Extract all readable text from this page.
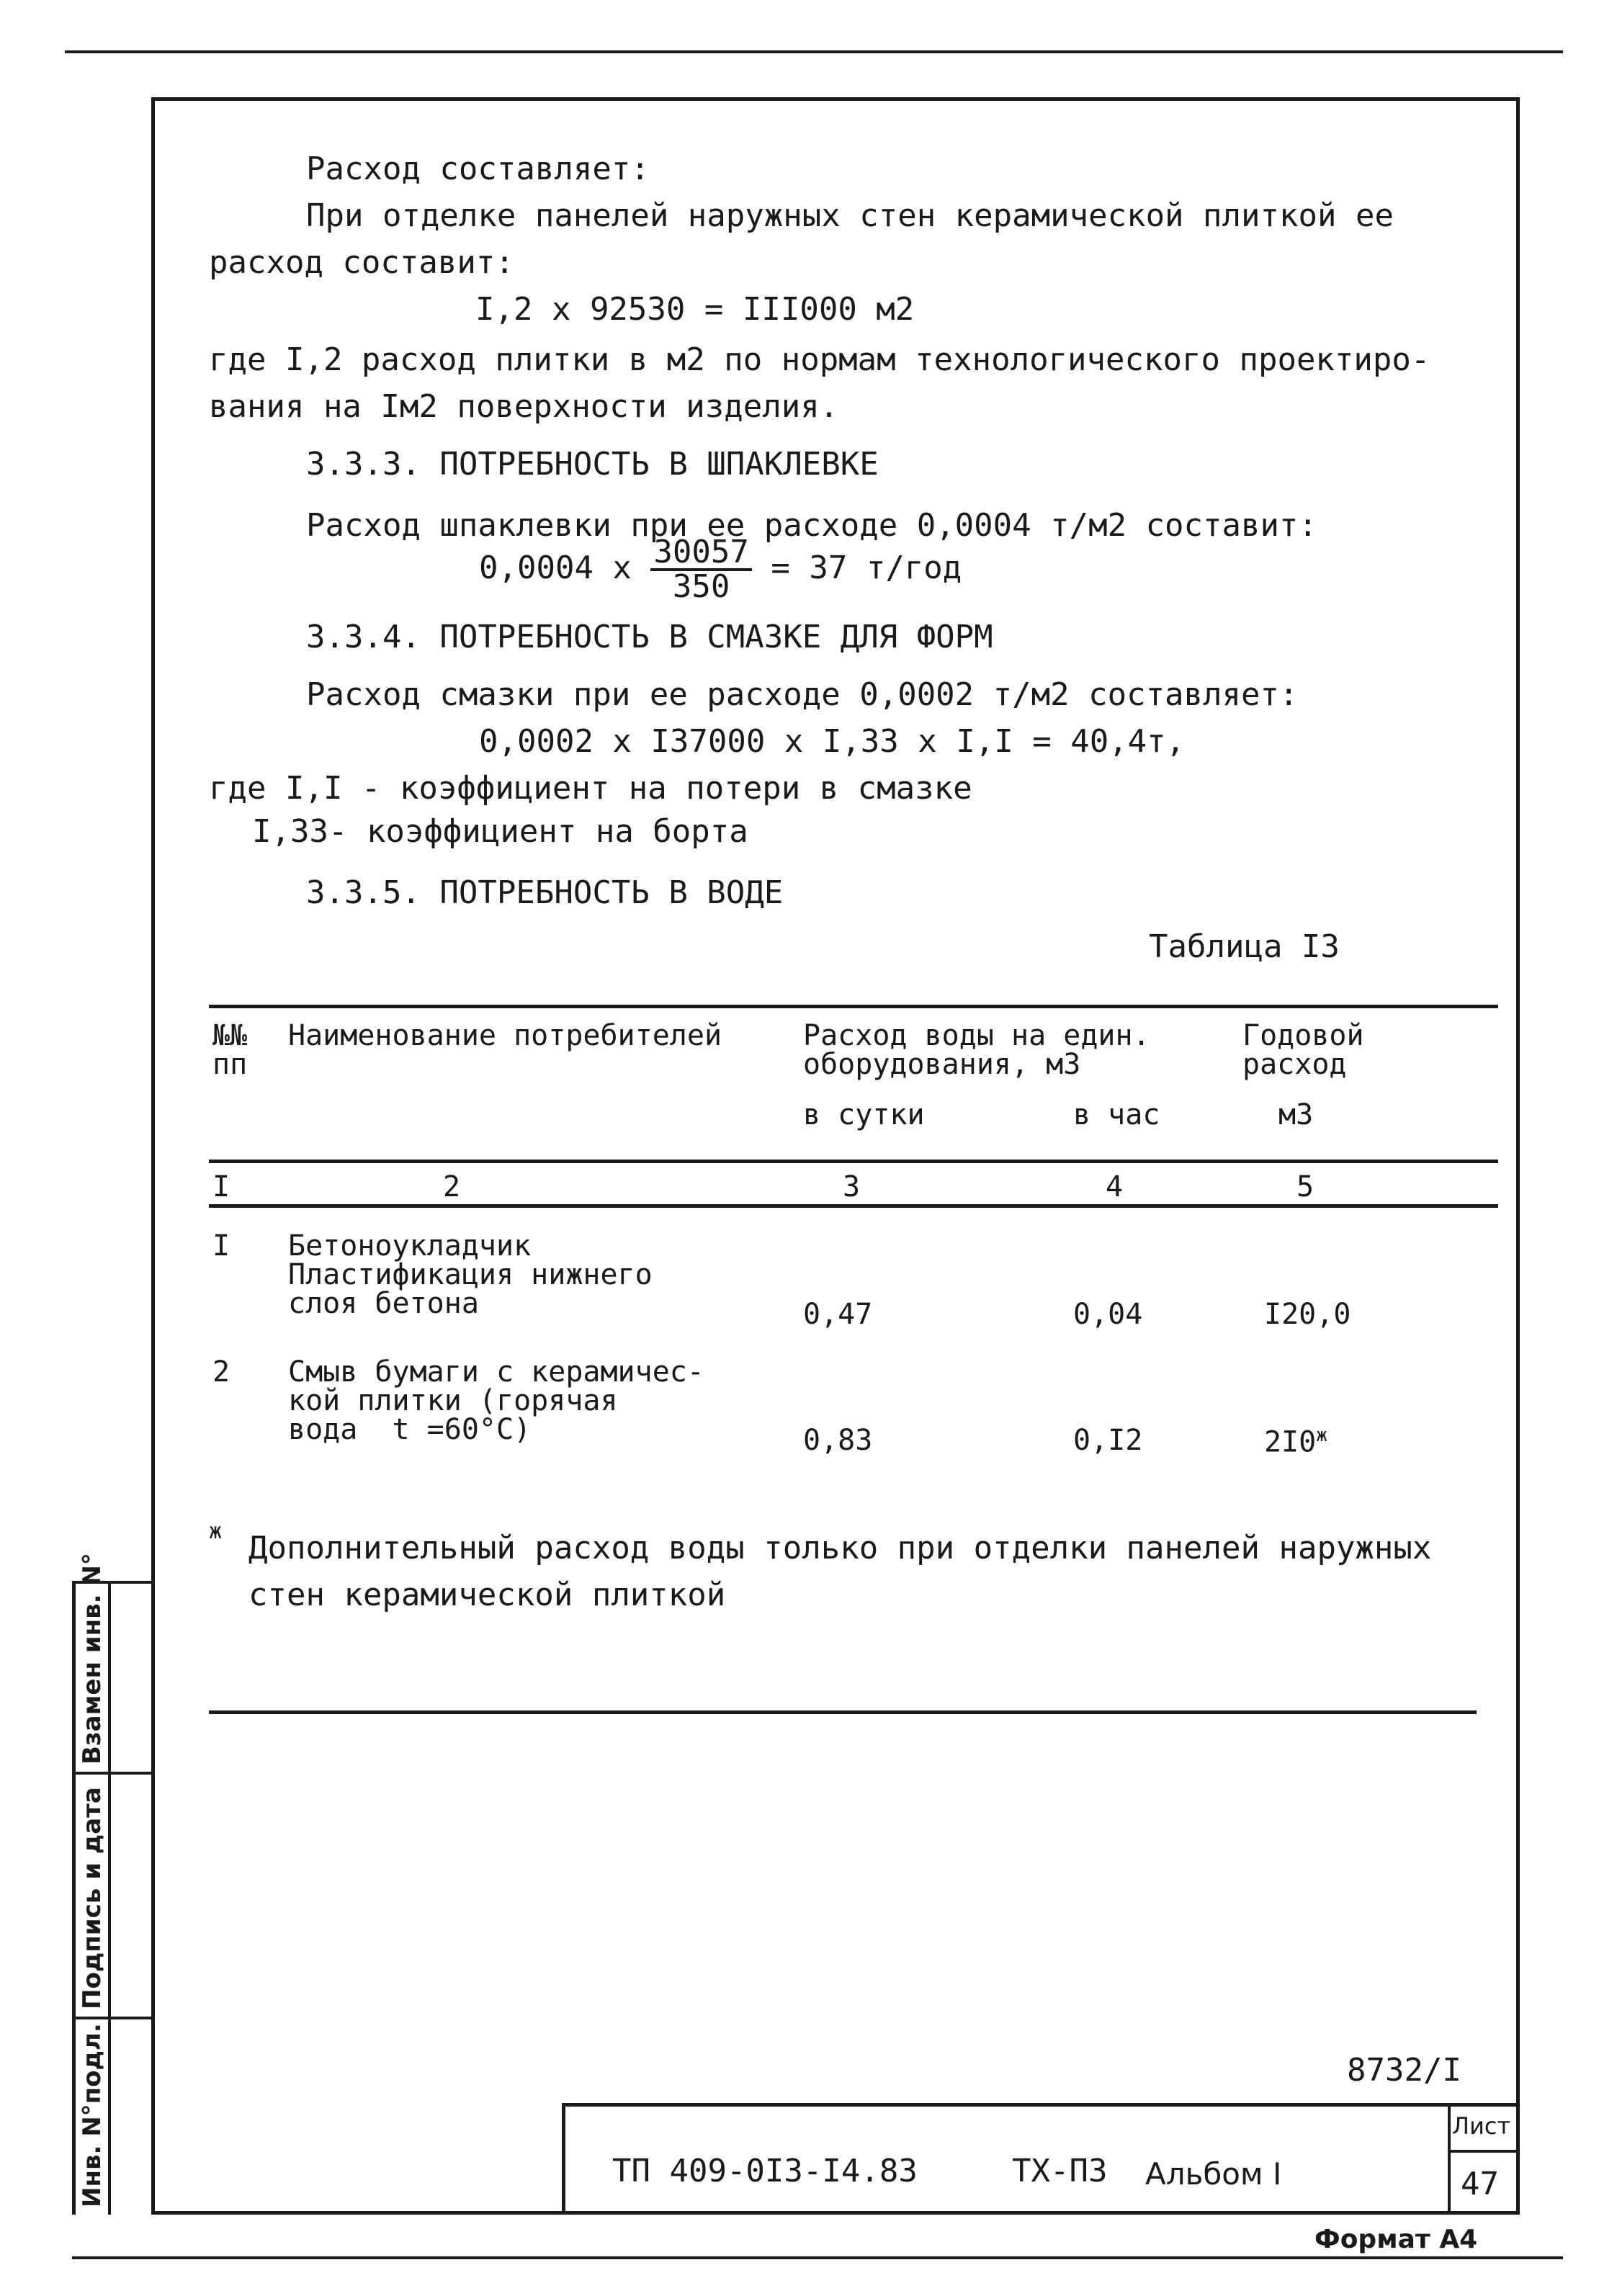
Взамен инв. N°
Подпись и дата
Инв. N°подл.
Расход составляет:
При отделке панелей наружных стен керамической плиткой ее
расход составит:
I,2 x 92530 = III000 м2
где I,2 расход плитки в м2 по нормам технологического проектиро-
вания на Iм2 поверхности изделия.
3.3.3. ПОТРЕБНОСТЬ В ШПАКЛЕВКЕ
Расход шпаклевки при ее расходе 0,0004 т/м2 составит:
0,0004 x $\frac{30057}{350} = 37$ т/год
3.3.4. ПОТРЕБНОСТЬ В СМАЗКЕ ДЛЯ ФОРМ
Расход смазки при ее расходе 0,0002 т/м2 составляет:
0,0002 x I37000 x I,33 x I,I = 40,4т,
где I,I - коэффициент на потери в смазке
I,33- коэффициент на борта
3.3.5. ПОТРЕБНОСТЬ В ВОДЕ
Таблица I3
№№
пп
Наименование потребителей	Расход воды на един.
оборудования, м3
Годовой
расход
в сутки	в час	м3
I	2	3	4	5
I Бетоноукладчик
Пластификация нижнего
слоя бетона	0,47	0,04	I20,0
2 Смыв бумаги с керамичес-
кой плитки (горячая
вода  t =60°C)	0,83	0,I2	$2I0^ж$
ж Дополнительный расход воды только при отделки панелей наружных
стен керамической плиткой
8732/I
ТП 409-0I3-I4.83	ТХ-ПЗ Альбом I
Лист
47
Формат А4
